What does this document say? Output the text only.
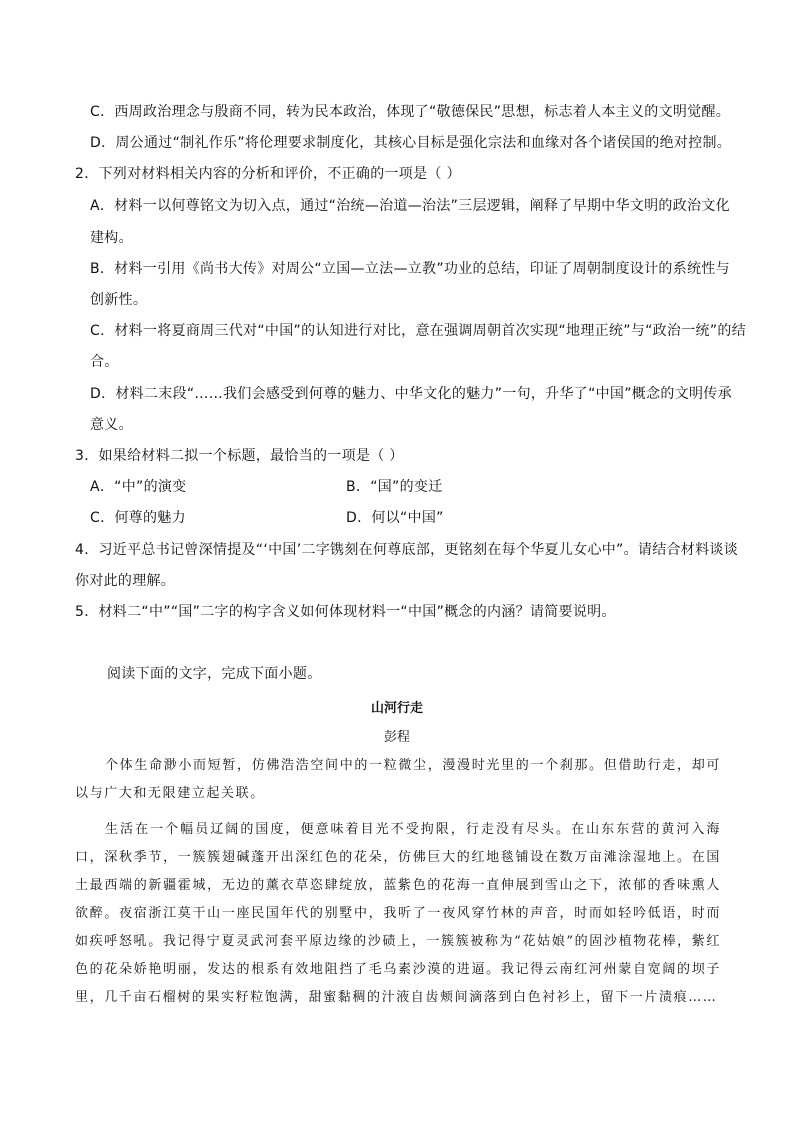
C．西周政治理念与殷商不同，转为民本政治，体现了“敬德保民”思想，标志着人本主义的文明觉醒。

D．周公通过“制礼作乐”将伦理要求制度化，其核心目标是强化宗法和血缘对各个诸侯国的绝对控制。

2．下列对材料相关内容的分析和评价，不正确的一项是（ ）

A．材料一以何尊铭文为切入点，通过“治统—治道—治法”三层逻辑，阐释了早期中华文明的政治文化

建构。

B．材料一引用《尚书大传》对周公“立国—立法—立教”功业的总结，印证了周朝制度设计的系统性与

创新性。

C．材料一将夏商周三代对“中国”的认知进行对比，意在强调周朝首次实现“地理正统”与“政治一统”的结

合。

D．材料二末段“……我们会感受到何尊的魅力、中华文化的魅力”一句，升华了“中国”概念的文明传承

意义。

3．如果给材料二拟一个标题，最恰当的一项是（ ）

A．“中”的演变	B．“国”的变迁

C．何尊的魅力	D．何以“中国”

4．习近平总书记曾深情提及“‘中国’二字镌刻在何尊底部，更铭刻在每个华夏儿女心中”。请结合材料谈谈

你对此的理解。

5．材料二“中”“国”二字的构字含义如何体现材料一“中国”概念的内涵？请简要说明。

阅读下面的文字，完成下面小题。

山河行走

彭程

个体生命渺小而短暂，仿佛浩浩空间中的一粒微尘，漫漫时光里的一个刹那。但借助行走，却可以与广大和无限建立起关联。

生活在一个幅员辽阔的国度，便意味着目光不受拘限，行走没有尽头。在山东东营的黄河入海口，深秋季节，一簇簇翅碱蓬开出深红色的花朵，仿佛巨大的红地毯铺设在数万亩滩涂湿地上。在国土最西端的新疆霍城，无边的薰衣草恣肆绽放，蓝紫色的花海一直伸展到雪山之下，浓郁的香味熏人欲醉。夜宿浙江莫干山一座民国年代的别墅中，我听了一夜风穿竹林的声音，时而如轻吟低语，时而如疾呼怒吼。我记得宁夏灵武河套平原边缘的沙碛上，一簇簇被称为“花姑娘”的固沙植物花棒，紫红色的花朵娇艳明丽，发达的根系有效地阻挡了毛乌素沙漠的进逼。我记得云南红河州蒙自宽阔的坝子里，几千亩石榴树的果实籽粒饱满，甜蜜黏稠的汁液自齿颊间滴落到白色衬衫上，留下一片渍痕……
